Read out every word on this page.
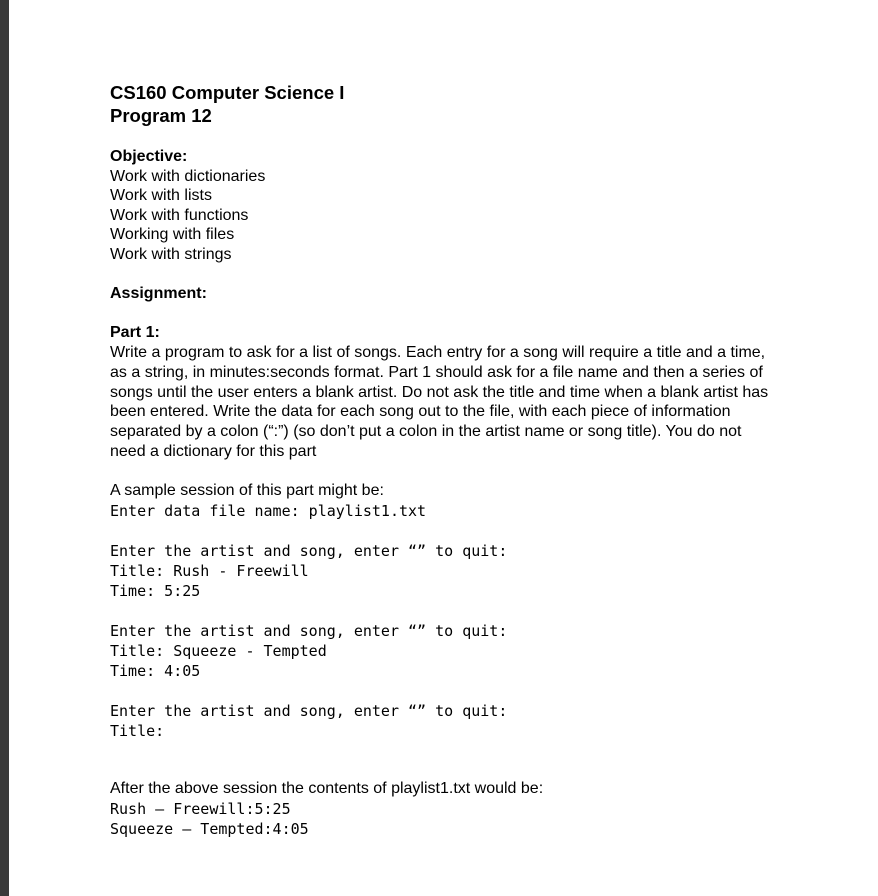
CS160 Computer Science I
Program 12
Objective:
Work with dictionaries
Work with lists
Work with functions
Working with files
Work with strings
Assignment:
Part 1:
Write a program to ask for a list of songs. Each entry for a song will require a title and a time, as a string, in minutes:seconds format. Part 1 should ask for a file name and then a series of songs until the user enters a blank artist. Do not ask the title and time when a blank artist has been entered. Write the data for each song out to the file, with each piece of information separated by a colon (“:”) (so don’t put a colon in the artist name or song title). You do not need a dictionary for this part
A sample session of this part might be:
Enter data file name: playlist1.txt
Enter the artist and song, enter “” to quit:
Title: Rush - Freewill
Time: 5:25
Enter the artist and song, enter “” to quit:
Title: Squeeze - Tempted
Time: 4:05
Enter the artist and song, enter “” to quit:
Title:
After the above session the contents of playlist1.txt would be:
Rush – Freewill:5:25
Squeeze – Tempted:4:05
